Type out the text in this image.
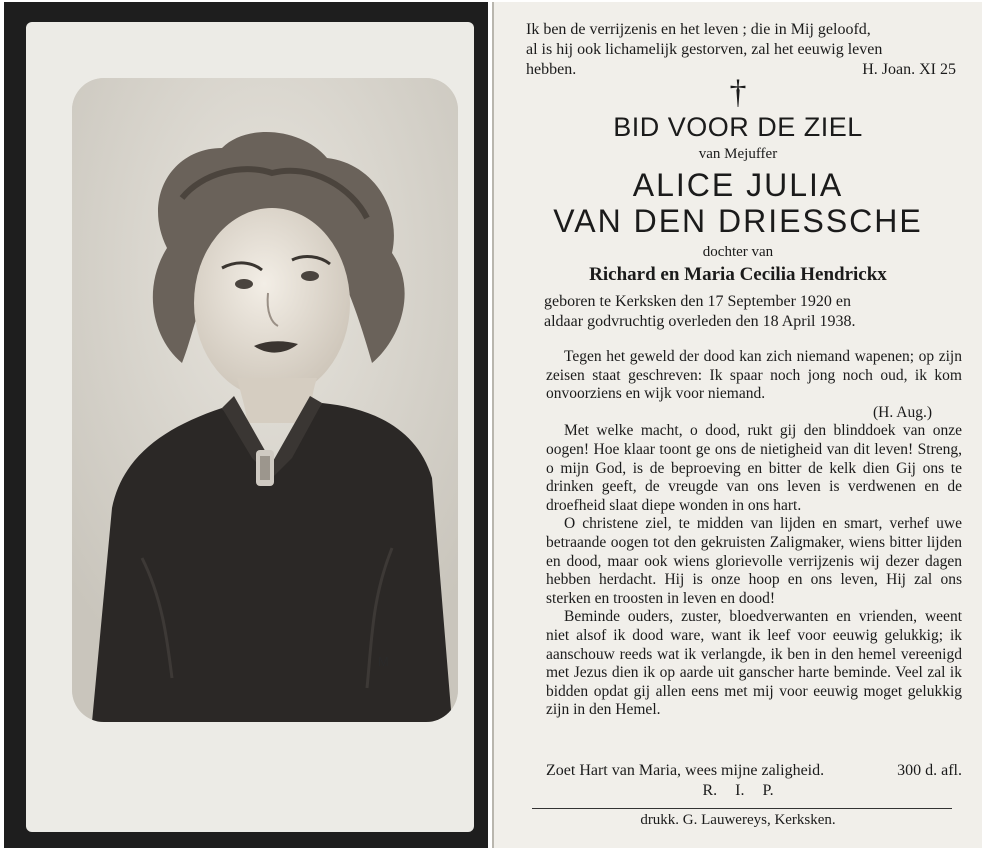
M
Ik ben de verrijzenis en het leven ; die in Mij geloofd,
al is hij ook lichamelijk gestorven, zal het eeuwig leven
hebben.	H. Joan. XI 25
†
BID VOOR DE ZIEL
van Mejuffer
ALICE JULIA
VAN DEN DRIESSCHE
dochter van
Richard en Maria Cecilia Hendrickx
geboren te Kerksken den 17 September 1920 en
aldaar godvruchtig overleden den 18 April 1938.

Tegen het geweld der dood kan zich niemand wapenen; op zijn zeisen staat geschreven: Ik spaar noch jong noch oud, ik kom onvoorziens en wijk voor niemand.

(H. Aug.)

Met welke macht, o dood, rukt gij den blinddoek van onze oogen! Hoe klaar toont ge ons de nietigheid van dit leven! Streng, o mijn God, is de beproeving en bitter de kelk dien Gij ons te drinken geeft, de vreugde van ons leven is verdwenen en de droefheid slaat diepe wonden in ons hart.

O christene ziel, te midden van lijden en smart, verhef uwe betraande oogen tot den gekruisten Zaligmaker, wiens bitter lijden en dood, maar ook wiens glorievolle verrijzenis wij dezer dagen hebben herdacht. Hij is onze hoop en ons leven, Hij zal ons sterken en troosten in leven en dood!

Beminde ouders, zuster, bloedverwanten en vrienden, weent niet alsof ik dood ware, want ik leef voor eeuwig gelukkig; ik aanschouw reeds wat ik verlangde, ik ben in den hemel vereenigd met Jezus dien ik op aarde uit ganscher harte beminde. Veel zal ik bidden opdat gij allen eens met mij voor eeuwig moget gelukkig zijn in den Hemel.

Zoet Hart van Maria, wees mijne zaligheid.	300 d. afl.
R. I. P.
drukk. G. Lauwereys, Kerksken.
